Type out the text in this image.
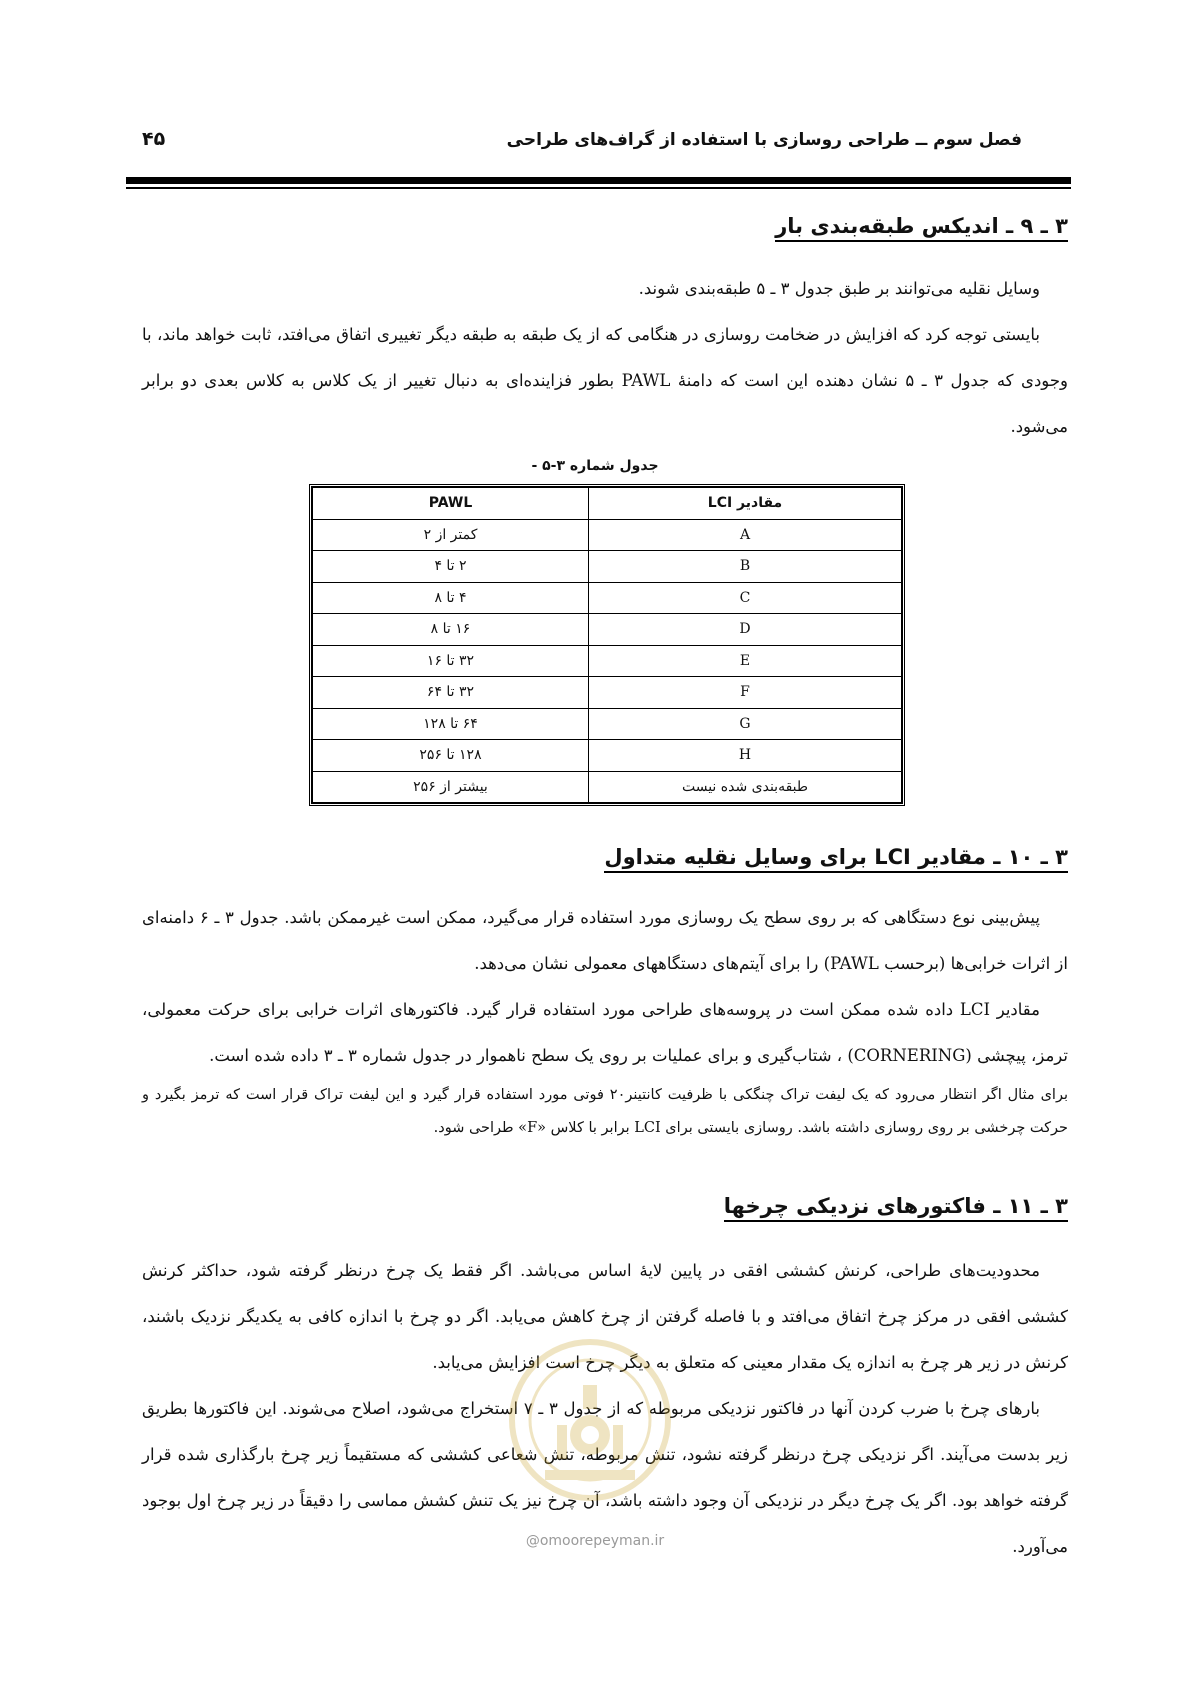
فصل سوم ــ طراحی روسازی با استفاده از گراف‌های طراحی
۴۵
۳ ـ ۹ ـ اندیکس طبقه‌بندی بار

وسایل نقلیه می‌توانند بر طبق جدول ۳ ـ ۵ طبقه‌بندی شوند.

بایستی توجه کرد که افزایش در ضخامت روسازی در هنگامی که از یک طبقه به طبقه دیگر تغییری اتفاق می‌افتد، ثابت خواهد ماند، با وجودی که جدول ۳ ـ ۵ نشان دهنده این است که دامنهٔ PAWL بطور فزاینده‌ای به دنبال تغییر از یک کلاس به کلاس بعدی دو برابر می‌شود.

جدول شماره ۳-۵ -
مقادیر LCI	PAWL
A	کمتر از ۲
B	۲ تا ۴
C	۴ تا ۸
D	۱۶ تا ۸
E	۳۲ تا ۱۶
F	۳۲ تا ۶۴
G	۶۴ تا ۱۲۸
H	۱۲۸ تا ۲۵۶
طبقه‌بندی شده نیست	بیشتر از ۲۵۶
۳ ـ ۱۰ ـ مقادیر LCI برای وسایل نقلیه متداول

پیش‌بینی نوع دستگاهی که بر روی سطح یک روسازی مورد استفاده قرار می‌گیرد، ممکن است غیرممکن باشد. جدول ۳ ـ ۶ دامنه‌ای از اثرات خرابی‌ها (برحسب PAWL) را برای آیتم‌های دستگاههای معمولی نشان می‌دهد.

مقادیر LCI داده شده ممکن است در پروسه‌های طراحی مورد استفاده قرار گیرد. فاکتورهای اثرات خرابی برای حرکت معمولی، ترمز، پیچشی (CORNERING) ، شتاب‌گیری و برای عملیات بر روی یک سطح ناهموار در جدول شماره ۳ ـ ۳ داده شده است.

برای مثال اگر انتظار می‌رود که یک لیفت تراک چنگکی با ظرفیت کانتینر۲۰ فوتی مورد استفاده قرار گیرد و این لیفت تراک قرار است که ترمز بگیرد و حرکت چرخشی بر روی روسازی داشته باشد. روسازی بایستی برای LCI برابر با کلاس «F» طراحی شود.

۳ ـ ۱۱ ـ فاکتورهای نزدیکی چرخها

محدودیت‌های طراحی، کرنش کششی افقی در پایین لایهٔ اساس می‌باشد. اگر فقط یک چرخ درنظر گرفته شود، حداکثر کرنش کششی افقی در مرکز چرخ اتفاق می‌افتد و با فاصله گرفتن از چرخ کاهش می‌یابد. اگر دو چرخ با اندازه کافی به یکدیگر نزدیک باشند، کرنش در زیر هر چرخ به اندازه یک مقدار معینی که متعلق به دیگر چرخ است افزایش می‌یابد.

بارهای چرخ با ضرب کردن آنها در فاکتور نزدیکی مربوطه که از جدول ۳ ـ ۷ استخراج می‌شود، اصلاح می‌شوند. این فاکتورها بطریق زیر بدست می‌آیند. اگر نزدیکی چرخ درنظر گرفته نشود، تنش مربوطه، تنش شعاعی کششی که مستقیماً زیر چرخ بارگذاری شده قرار گرفته خواهد بود. اگر یک چرخ دیگر در نزدیکی آن وجود داشته باشد، آن چرخ نیز یک تنش کشش مماسی را دقیقاً در زیر چرخ اول بوجود می‌آورد.

@omoorepeyman.ir
